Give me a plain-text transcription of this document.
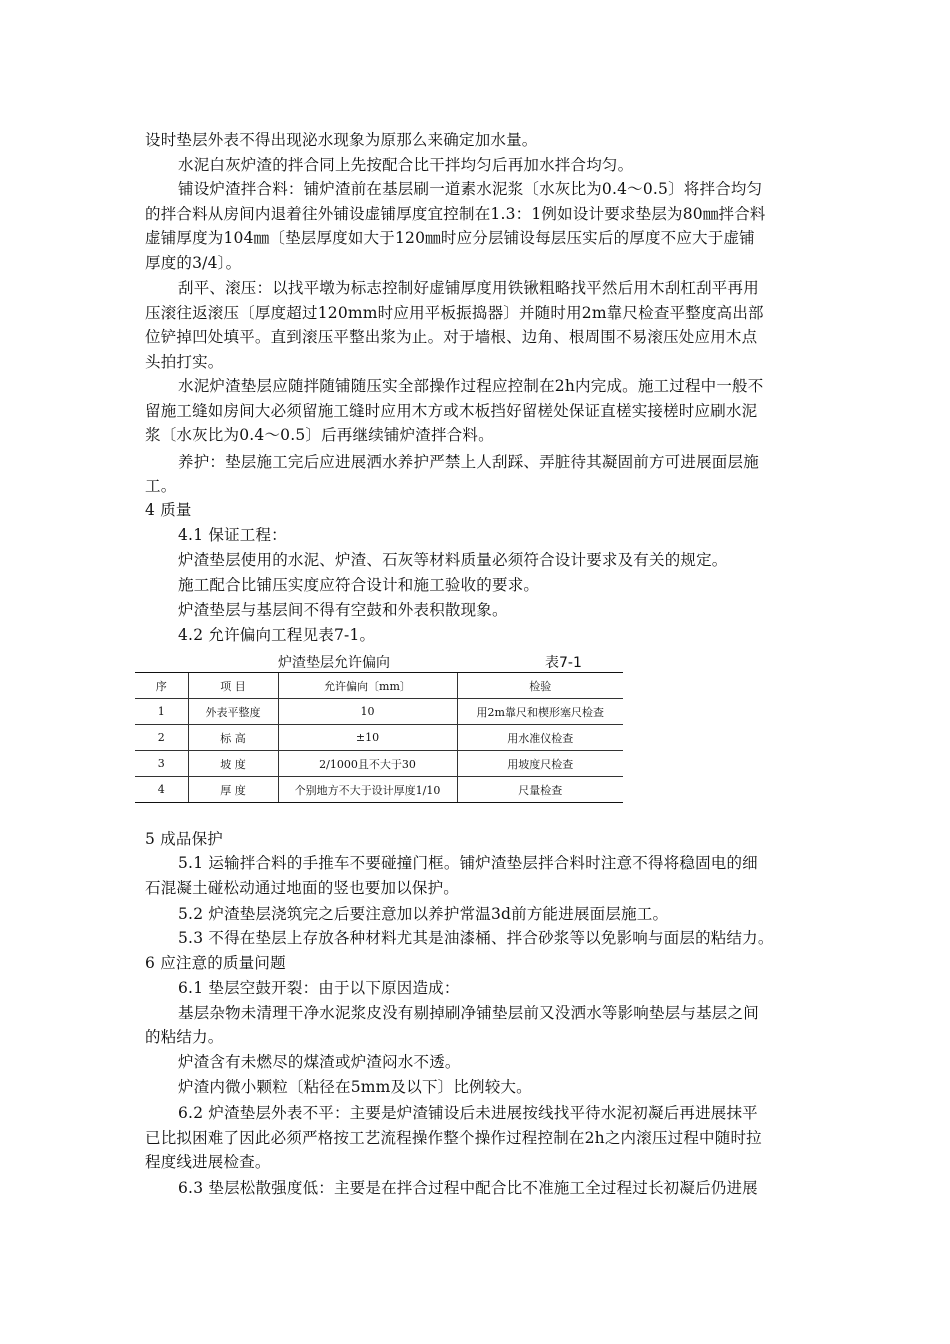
设时垫层外表不得出现泌水现象为原那么来确定加水量。
水泥白灰炉渣的拌合同上先按配合比干拌均匀后再加水拌合均匀。
铺设炉渣拌合料：铺炉渣前在基层刷一道素水泥浆〔水灰比为0.4～0.5〕将拌合均匀
的拌合料从房间内退着往外铺设虚铺厚度宜控制在1.3：1例如设计要求垫层为80㎜拌合料
虚铺厚度为104㎜〔垫层厚度如大于120㎜时应分层铺设每层压实后的厚度不应大于虚铺
厚度的3/4〕。
刮平、滚压：以找平墩为标志控制好虚铺厚度用铁锹粗略找平然后用木刮杠刮平再用
压滚往返滚压〔厚度超过120mm时应用平板振捣器〕并随时用2m靠尺检查平整度高出部
位铲掉凹处填平。直到滚压平整出浆为止。对于墙根、边角、根周围不易滚压处应用木点
头拍打实。
水泥炉渣垫层应随拌随铺随压实全部操作过程应控制在2h内完成。施工过程中一般不
留施工缝如房间大必须留施工缝时应用木方或木板挡好留槎处保证直槎实接槎时应刷水泥
浆〔水灰比为0.4～0.5〕后再继续铺炉渣拌合料。
养护：垫层施工完后应进展洒水养护严禁上人刮踩、弄脏待其凝固前方可进展面层施
工。
4 质量
4.1 保证工程：
炉渣垫层使用的水泥、炉渣、石灰等材料质量必须符合设计要求及有关的规定。
施工配合比铺压实度应符合设计和施工验收的要求。
炉渣垫层与基层间不得有空鼓和外表积散现象。
4.2 允许偏向工程见表7-1。
炉渣垫层允许偏向	表7-1
序	项 目	允许偏向〔mm〕	检验
1	外表平整度	10	用2m靠尺和楔形塞尺检查
2	标 高	±10	用水准仪检查
3	坡 度	2/1000且不大于30	用坡度尺检查
4	厚 度	个别地方不大于设计厚度1/10	尺量检查
5 成品保护
5.1 运输拌合料的手推车不要碰撞门框。铺炉渣垫层拌合料时注意不得将稳固电的细
石混凝土碰松动通过地面的竖也要加以保护。
5.2 炉渣垫层浇筑完之后要注意加以养护常温3d前方能进展面层施工。
5.3 不得在垫层上存放各种材料尤其是油漆桶、拌合砂浆等以免影响与面层的粘结力。
6 应注意的质量问题
6.1 垫层空鼓开裂：由于以下原因造成：
基层杂物未清理干净水泥浆皮没有剔掉刷净铺垫层前又没洒水等影响垫层与基层之间
的粘结力。
炉渣含有未燃尽的煤渣或炉渣闷水不透。
炉渣内微小颗粒〔粘径在5mm及以下〕比例较大。
6.2 炉渣垫层外表不平：主要是炉渣铺设后未进展按线找平待水泥初凝后再进展抹平
已比拟困难了因此必须严格按工艺流程操作整个操作过程控制在2h之内滚压过程中随时拉
程度线进展检查。
6.3 垫层松散强度低：主要是在拌合过程中配合比不准施工全过程过长初凝后仍进展
